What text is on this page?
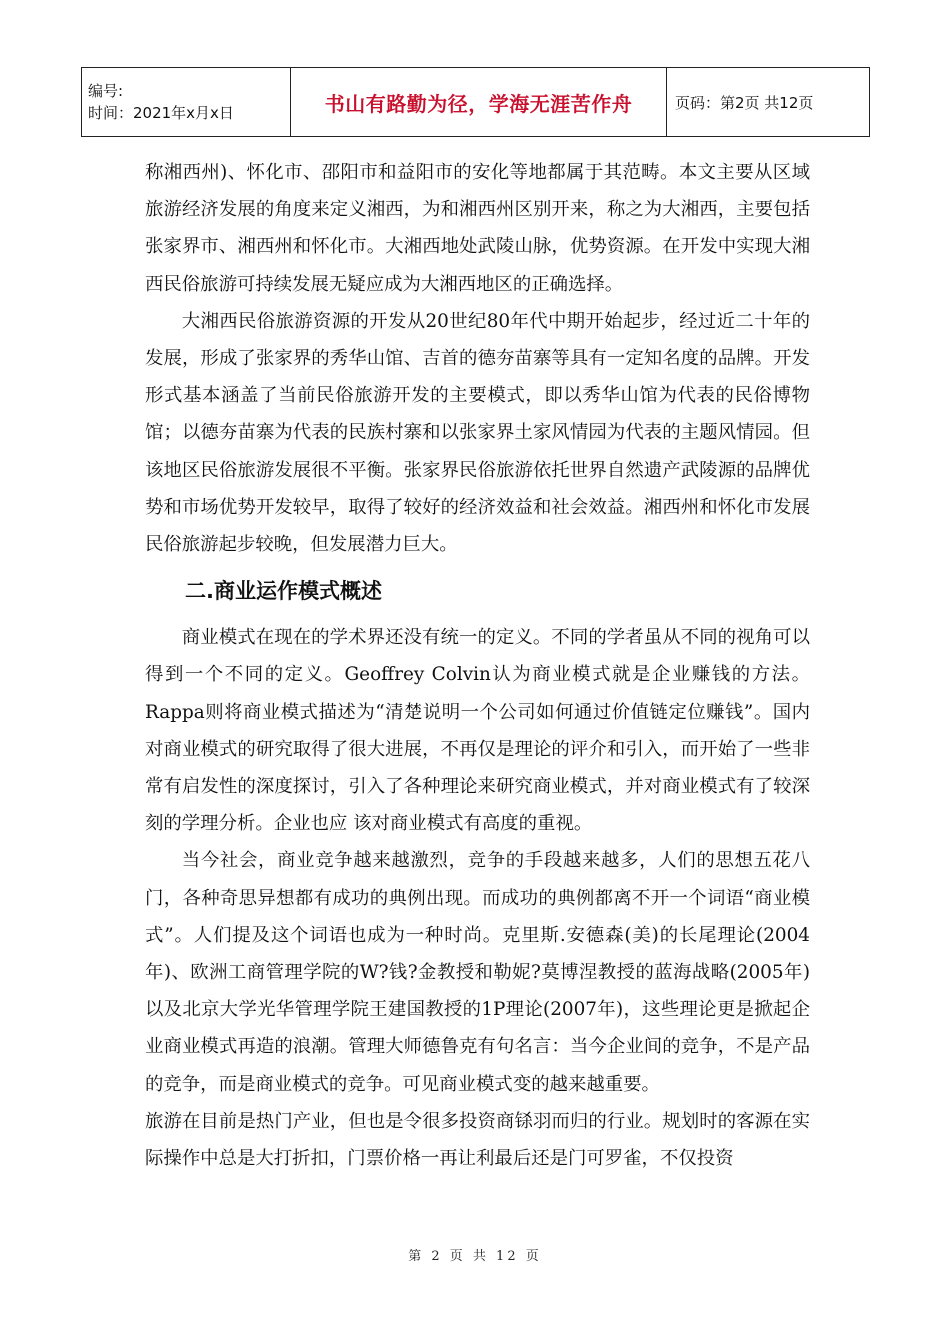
编号:
时间：2021年x月x日	书山有路勤为径，学海无涯苦作舟	页码：第2页 共12页

称湘西州)、怀化市、邵阳市和益阳市的安化等地都属于其范畴。本文主要从区域旅游经济发展的角度来定义湘西，为和湘西州区别开来，称之为大湘西，主要包括张家界市、湘西州和怀化市。大湘西地处武陵山脉，优势资源。在开发中实现大湘西民俗旅游可持续发展无疑应成为大湘西地区的正确选择。

大湘西民俗旅游资源的开发从20世纪80年代中期开始起步，经过近二十年的发展，形成了张家界的秀华山馆、吉首的德夯苗寨等具有一定知名度的品牌。开发形式基本涵盖了当前民俗旅游开发的主要模式，即以秀华山馆为代表的民俗博物馆；以德夯苗寨为代表的民族村寨和以张家界土家风情园为代表的主题风情园。但该地区民俗旅游发展很不平衡。张家界民俗旅游依托世界自然遗产武陵源的品牌优势和市场优势开发较早，取得了较好的经济效益和社会效益。湘西州和怀化市发展民俗旅游起步较晚，但发展潜力巨大。

二.商业运作模式概述

商业模式在现在的学术界还没有统一的定义。不同的学者虽从不同的视角可以得到一个不同的定义。Geoffrey Colvin认为商业模式就是企业赚钱的方法。Rappa则将商业模式描述为“清楚说明一个公司如何通过价值链定位赚钱”。国内对商业模式的研究取得了很大进展，不再仅是理论的评介和引入，而开始了一些非常有启发性的深度探讨，引入了各种理论来研究商业模式，并对商业模式有了较深刻的学理分析。企业也应 该对商业模式有高度的重视。

当今社会，商业竞争越来越激烈，竞争的手段越来越多，人们的思想五花八门，各种奇思异想都有成功的典例出现。而成功的典例都离不开一个词语“商业模式”。人们提及这个词语也成为一种时尚。克里斯.安德森(美)的长尾理论(2004年)、欧洲工商管理学院的W?钱?金教授和勒妮?莫博涅教授的蓝海战略(2005年)以及北京大学光华管理学院王建国教授的1P理论(2007年)，这些理论更是掀起企业商业模式再造的浪潮。管理大师德鲁克有句名言：当今企业间的竞争，不是产品的竞争，而是商业模式的竞争。可见商业模式变的越来越重要。

旅游在目前是热门产业，但也是令很多投资商铩羽而归的行业。规划时的客源在实际操作中总是大打折扣，门票价格一再让利最后还是门可罗雀，不仅投资

第 2 页 共 12 页
